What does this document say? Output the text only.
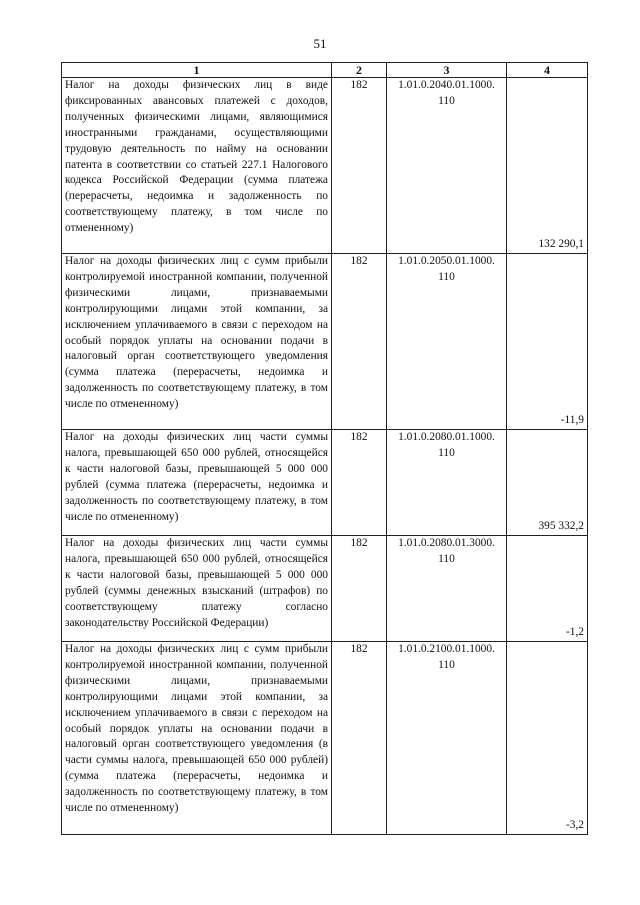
51
1	2	3	4
Налог на доходы физических лиц в виде фиксированных авансовых платежей с доходов, полученных физическими лицами, являющимися иностранными гражданами, осуществляющими трудовую деятельность по найму на основании патента в соответствии со статьей 227.1 Налогового кодекса Российской Федерации (сумма платежа (перерасчеты, недоимка и задолженность по соответствующему платежу, в том числе по отмененному)	182	1.01.0.2040.01.1000. 110	132 290,1
Налог на доходы физических лиц с сумм прибыли контролируемой иностранной компании, полученной физическими лицами, признаваемыми контролирующими лицами этой компании, за исключением уплачиваемого в связи с переходом на особый порядок уплаты на основании подачи в налоговый орган соответствующего уведомления (сумма платежа (перерасчеты, недоимка и задолженность по соответствующему платежу, в том числе по отмененному)	182	1.01.0.2050.01.1000. 110	-11,9
Налог на доходы физических лиц части суммы налога, превышающей 650 000 рублей, относящейся к части налоговой базы, превышающей 5 000 000 рублей (сумма платежа (перерасчеты, недоимка и задолженность по соответствующему платежу, в том числе по отмененному)	182	1.01.0.2080.01.1000. 110	395 332,2
Налог на доходы физических лиц части суммы налога, превышающей 650 000 рублей, относящейся к части налоговой базы, превышающей 5 000 000 рублей (суммы денежных взысканий (штрафов) по соответствующему платежу согласно законодательству Российской Федерации)	182	1.01.0.2080.01.3000. 110	-1,2
Налог на доходы физических лиц с сумм прибыли контролируемой иностранной компании, полученной физическими лицами, признаваемыми контролирующими лицами этой компании, за исключением уплачиваемого в связи с переходом на особый порядок уплаты на основании подачи в налоговый орган соответствующего уведомления (в части суммы налога, превышающей 650 000 рублей) (сумма платежа (перерасчеты, недоимка и задолженность по соответствующему платежу, в том числе по отмененному)	182	1.01.0.2100.01.1000. 110	-3,2
